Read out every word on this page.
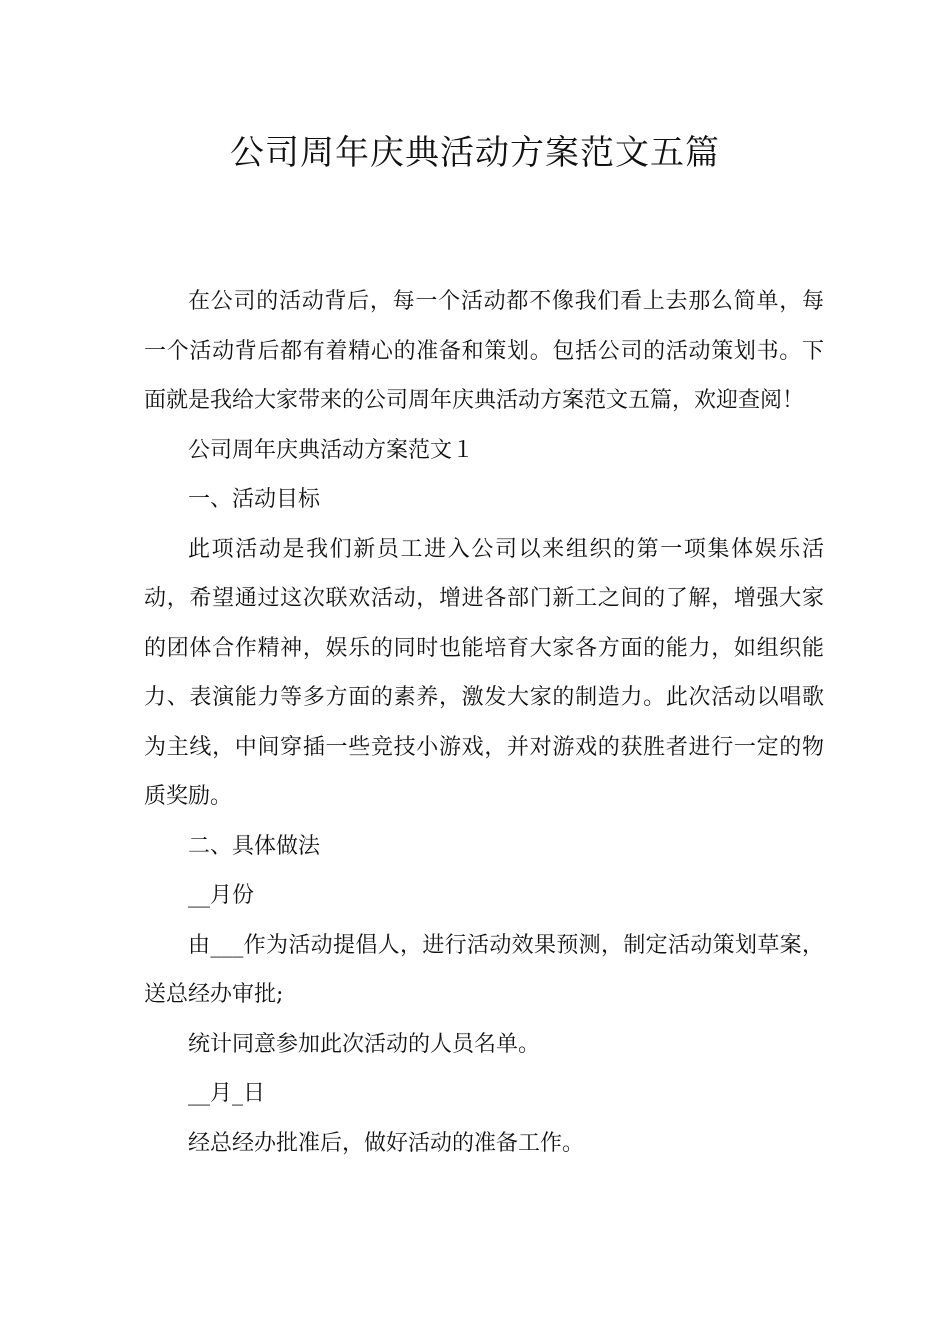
公司周年庆典活动方案范文五篇

在公司的活动背后，每一个活动都不像我们看上去那么简单，每一个活动背后都有着精心的准备和策划。包括公司的活动策划书。下面就是我给大家带来的公司周年庆典活动方案范文五篇，欢迎查阅！

公司周年庆典活动方案范文１

一、活动目标

此项活动是我们新员工进入公司以来组织的第一项集体娱乐活动，希望通过这次联欢活动，增进各部门新工之间的了解，增强大家的团体合作精神，娱乐的同时也能培育大家各方面的能力，如组织能力、表演能力等多方面的素养，激发大家的制造力。此次活动以唱歌为主线，中间穿插一些竞技小游戏，并对游戏的获胜者进行一定的物质奖励。

二、具体做法

__月份

由___作为活动提倡人，进行活动效果预测，制定活动策划草案，送总经办审批;

统计同意参加此次活动的人员名单。

__月_日

经总经办批准后，做好活动的准备工作。
